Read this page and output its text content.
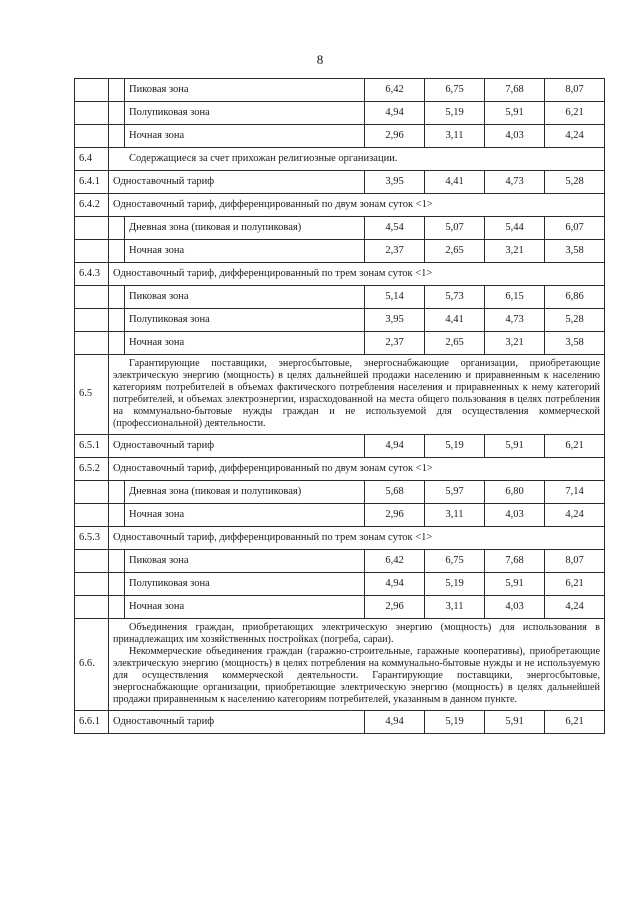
8
		Пиковая зона	6,42	6,75	7,68	8,07
		Полупиковая зона	4,94	5,19	5,91	6,21
		Ночная зона	2,96	3,11	4,03	4,24
6.4	Содержащиеся за счет прихожан религиозные организации.					
6.4.1	Одноставочный тариф		3,95	4,41	4,73	5,28
6.4.2	Одноставочный тариф, дифференцированный по двум зонам суток <1>					
		Дневная зона (пиковая и полупиковая)	4,54	5,07	5,44	6,07
		Ночная зона	2,37	2,65	3,21	3,58
6.4.3	Одноставочный тариф, дифференцированный по трем зонам суток <1>					
		Пиковая зона	5,14	5,73	6,15	6,86
		Полупиковая зона	3,95	4,41	4,73	5,28
		Ночная зона	2,37	2,65	3,21	3,58
6.5	Гарантирующие поставщики, энергосбытовые, энергоснабжающие организации, приобретающие электрическую энергию (мощность) в целях дальнейшей продажи населению и приравненным к населению категориям потребителей в объемах фактического потребления населения и приравненных к нему категорий потребителей, и объемах электроэнергии, израсходованной на места общего пользования в целях потребления на коммунально-бытовые нужды граждан и не используемой для осуществления коммерческой (профессиональной) деятельности.					

6.5.1	Одноставочный тариф		4,94	5,19	5,91	6,21
6.5.2	Одноставочный тариф, дифференцированный по двум зонам суток <1>					
		Дневная зона (пиковая и полупиковая)	5,68	5,97	6,80	7,14
		Ночная зона	2,96	3,11	4,03	4,24
6.5.3	Одноставочный тариф, дифференцированный по трем зонам суток <1>					
		Пиковая зона	6,42	6,75	7,68	8,07
		Полупиковая зона	4,94	5,19	5,91	6,21
		Ночная зона	2,96	3,11	4,03	4,24
6.6.	Объединения граждан, приобретающих электрическую энергию (мощность) для использования в принадлежащих им хозяйственных постройках (погреба, сараи).

Некоммерческие объединения граждан (гаражно-строительные, гаражные кооперативы), приобретающие электрическую энергию (мощность) в целях потребления на коммунально-бытовые нужды и не используемую для осуществления коммерческой деятельности. Гарантирующие поставщики, энергосбытовые, энергоснабжающие организации, приобретающие электрическую энергию (мощность) в целях дальнейшей продажи приравненным к населению категориям потребителей, указанным в данном пункте.					

6.6.1	Одноставочный тариф		4,94	5,19	5,91	6,21
